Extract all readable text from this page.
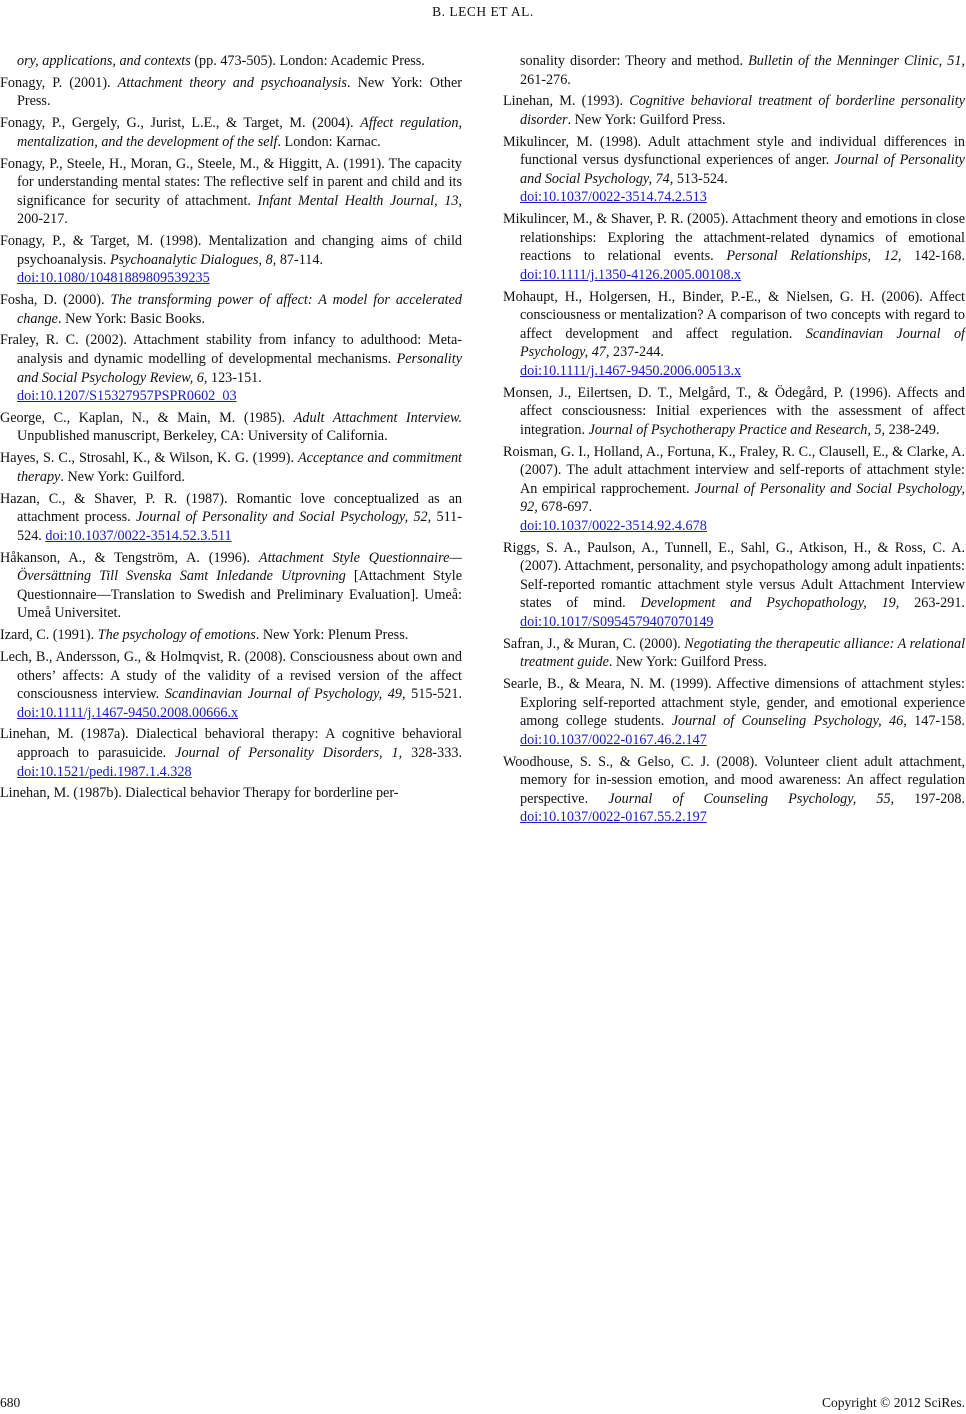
B. LECH ET AL.

ory, applications, and contexts (pp. 473-505). London: Academic Press.

Fonagy, P. (2001). Attachment theory and psychoanalysis. New York: Other Press.

Fonagy, P., Gergely, G., Jurist, L.E., & Target, M. (2004). Affect regulation, mentalization, and the development of the self. London: Karnac.

Fonagy, P., Steele, H., Moran, G., Steele, M., & Higgitt, A. (1991). The capacity for understanding mental states: The reflective self in parent and child and its significance for security of attachment. Infant Mental Health Journal, 13, 200-217.

Fonagy, P., & Target, M. (1998). Mentalization and changing aims of child psychoanalysis. Psychoanalytic Dialogues, 8, 87-114.
doi:10.1080/10481889809539235

Fosha, D. (2000). The transforming power of affect: A model for accelerated change. New York: Basic Books.

Fraley, R. C. (2002). Attachment stability from infancy to adulthood: Meta-analysis and dynamic modelling of developmental mechanisms. Personality and Social Psychology Review, 6, 123-151.
doi:10.1207/S15327957PSPR0602_03

George, C., Kaplan, N., & Main, M. (1985). Adult Attachment Interview. Unpublished manuscript, Berkeley, CA: University of California.

Hayes, S. C., Strosahl, K., & Wilson, K. G. (1999). Acceptance and commitment therapy. New York: Guilford.

Hazan, C., & Shaver, P. R. (1987). Romantic love conceptualized as an attachment process. Journal of Personality and Social Psychology, 52, 511-524. doi:10.1037/0022-3514.52.3.511

Håkanson, A., & Tengström, A. (1996). Attachment Style Questionnaire—Översättning Till Svenska Samt Inledande Utprovning [Attachment Style Questionnaire—Translation to Swedish and Preliminary Evaluation]. Umeå: Umeå Universitet.

Izard, C. (1991). The psychology of emotions. New York: Plenum Press.

Lech, B., Andersson, G., & Holmqvist, R. (2008). Consciousness about own and others’ affects: A study of the validity of a revised version of the affect consciousness interview. Scandinavian Journal of Psychology, 49, 515-521. doi:10.1111/j.1467-9450.2008.00666.x

Linehan, M. (1987a). Dialectical behavioral therapy: A cognitive behavioral approach to parasuicide. Journal of Personality Disorders, 1, 328-333. doi:10.1521/pedi.1987.1.4.328

Linehan, M. (1987b). Dialectical behavior Therapy for borderline per-

sonality disorder: Theory and method. Bulletin of the Menninger Clinic, 51, 261-276.

Linehan, M. (1993). Cognitive behavioral treatment of borderline personality disorder. New York: Guilford Press.

Mikulincer, M. (1998). Adult attachment style and individual differences in functional versus dysfunctional experiences of anger. Journal of Personality and Social Psychology, 74, 513-524.
doi:10.1037/0022-3514.74.2.513

Mikulincer, M., & Shaver, P. R. (2005). Attachment theory and emotions in close relationships: Exploring the attachment-related dynamics of emotional reactions to relational events. Personal Relationships, 12, 142-168. doi:10.1111/j.1350-4126.2005.00108.x

Mohaupt, H., Holgersen, H., Binder, P.-E., & Nielsen, G. H. (2006). Affect consciousness or mentalization? A comparison of two concepts with regard to affect development and affect regulation. Scandinavian Journal of Psychology, 47, 237-244.
doi:10.1111/j.1467-9450.2006.00513.x

Monsen, J., Eilertsen, D. T., Melgård, T., & Ödegård, P. (1996). Affects and affect consciousness: Initial experiences with the assessment of affect integration. Journal of Psychotherapy Practice and Research, 5, 238-249.

Roisman, G. I., Holland, A., Fortuna, K., Fraley, R. C., Clausell, E., & Clarke, A. (2007). The adult attachment interview and self-reports of attachment style: An empirical rapprochement. Journal of Personality and Social Psychology, 92, 678-697.
doi:10.1037/0022-3514.92.4.678

Riggs, S. A., Paulson, A., Tunnell, E., Sahl, G., Atkison, H., & Ross, C. A. (2007). Attachment, personality, and psychopathology among adult inpatients: Self-reported romantic attachment style versus Adult Attachment Interview states of mind. Development and Psychopathology, 19, 263-291. doi:10.1017/S0954579407070149

Safran, J., & Muran, C. (2000). Negotiating the therapeutic alliance: A relational treatment guide. New York: Guilford Press.

Searle, B., & Meara, N. M. (1999). Affective dimensions of attachment styles: Exploring self-reported attachment style, gender, and emotional experience among college students. Journal of Counseling Psychology, 46, 147-158. doi:10.1037/0022-0167.46.2.147

Woodhouse, S. S., & Gelso, C. J. (2008). Volunteer client adult attachment, memory for in-session emotion, and mood awareness: An affect regulation perspective. Journal of Counseling Psychology, 55, 197-208. doi:10.1037/0022-0167.55.2.197

680	Copyright © 2012 SciRes.
